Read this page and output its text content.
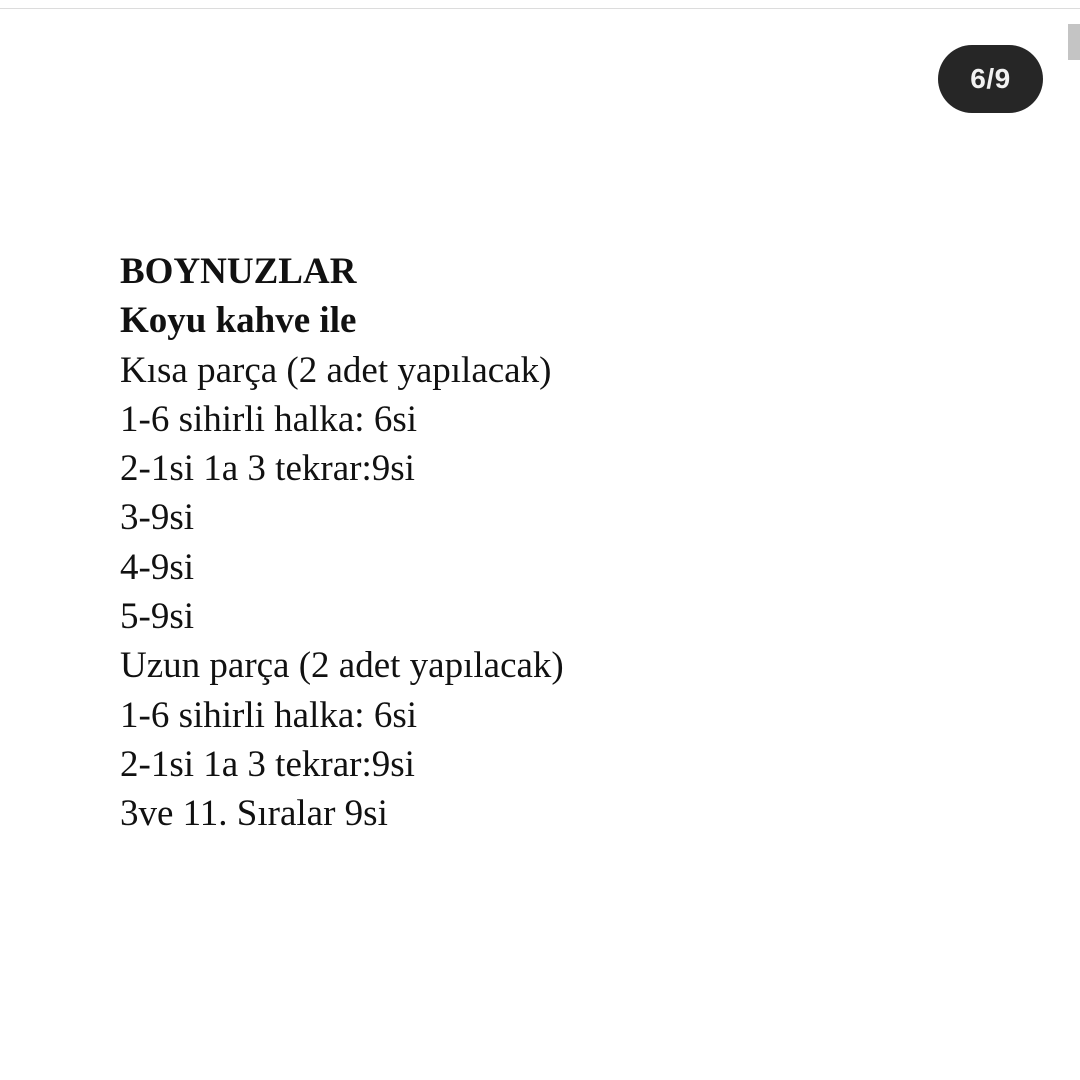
6/9

BOYNUZLAR

Koyu kahve ile

Kısa parça (2 adet yapılacak)

1-6 sihirli halka: 6si

2-1si 1a 3 tekrar:9si

3-9si

4-9si

5-9si

Uzun parça (2 adet yapılacak)

1-6 sihirli halka: 6si

2-1si 1a 3 tekrar:9si

3ve 11. Sıralar 9si
